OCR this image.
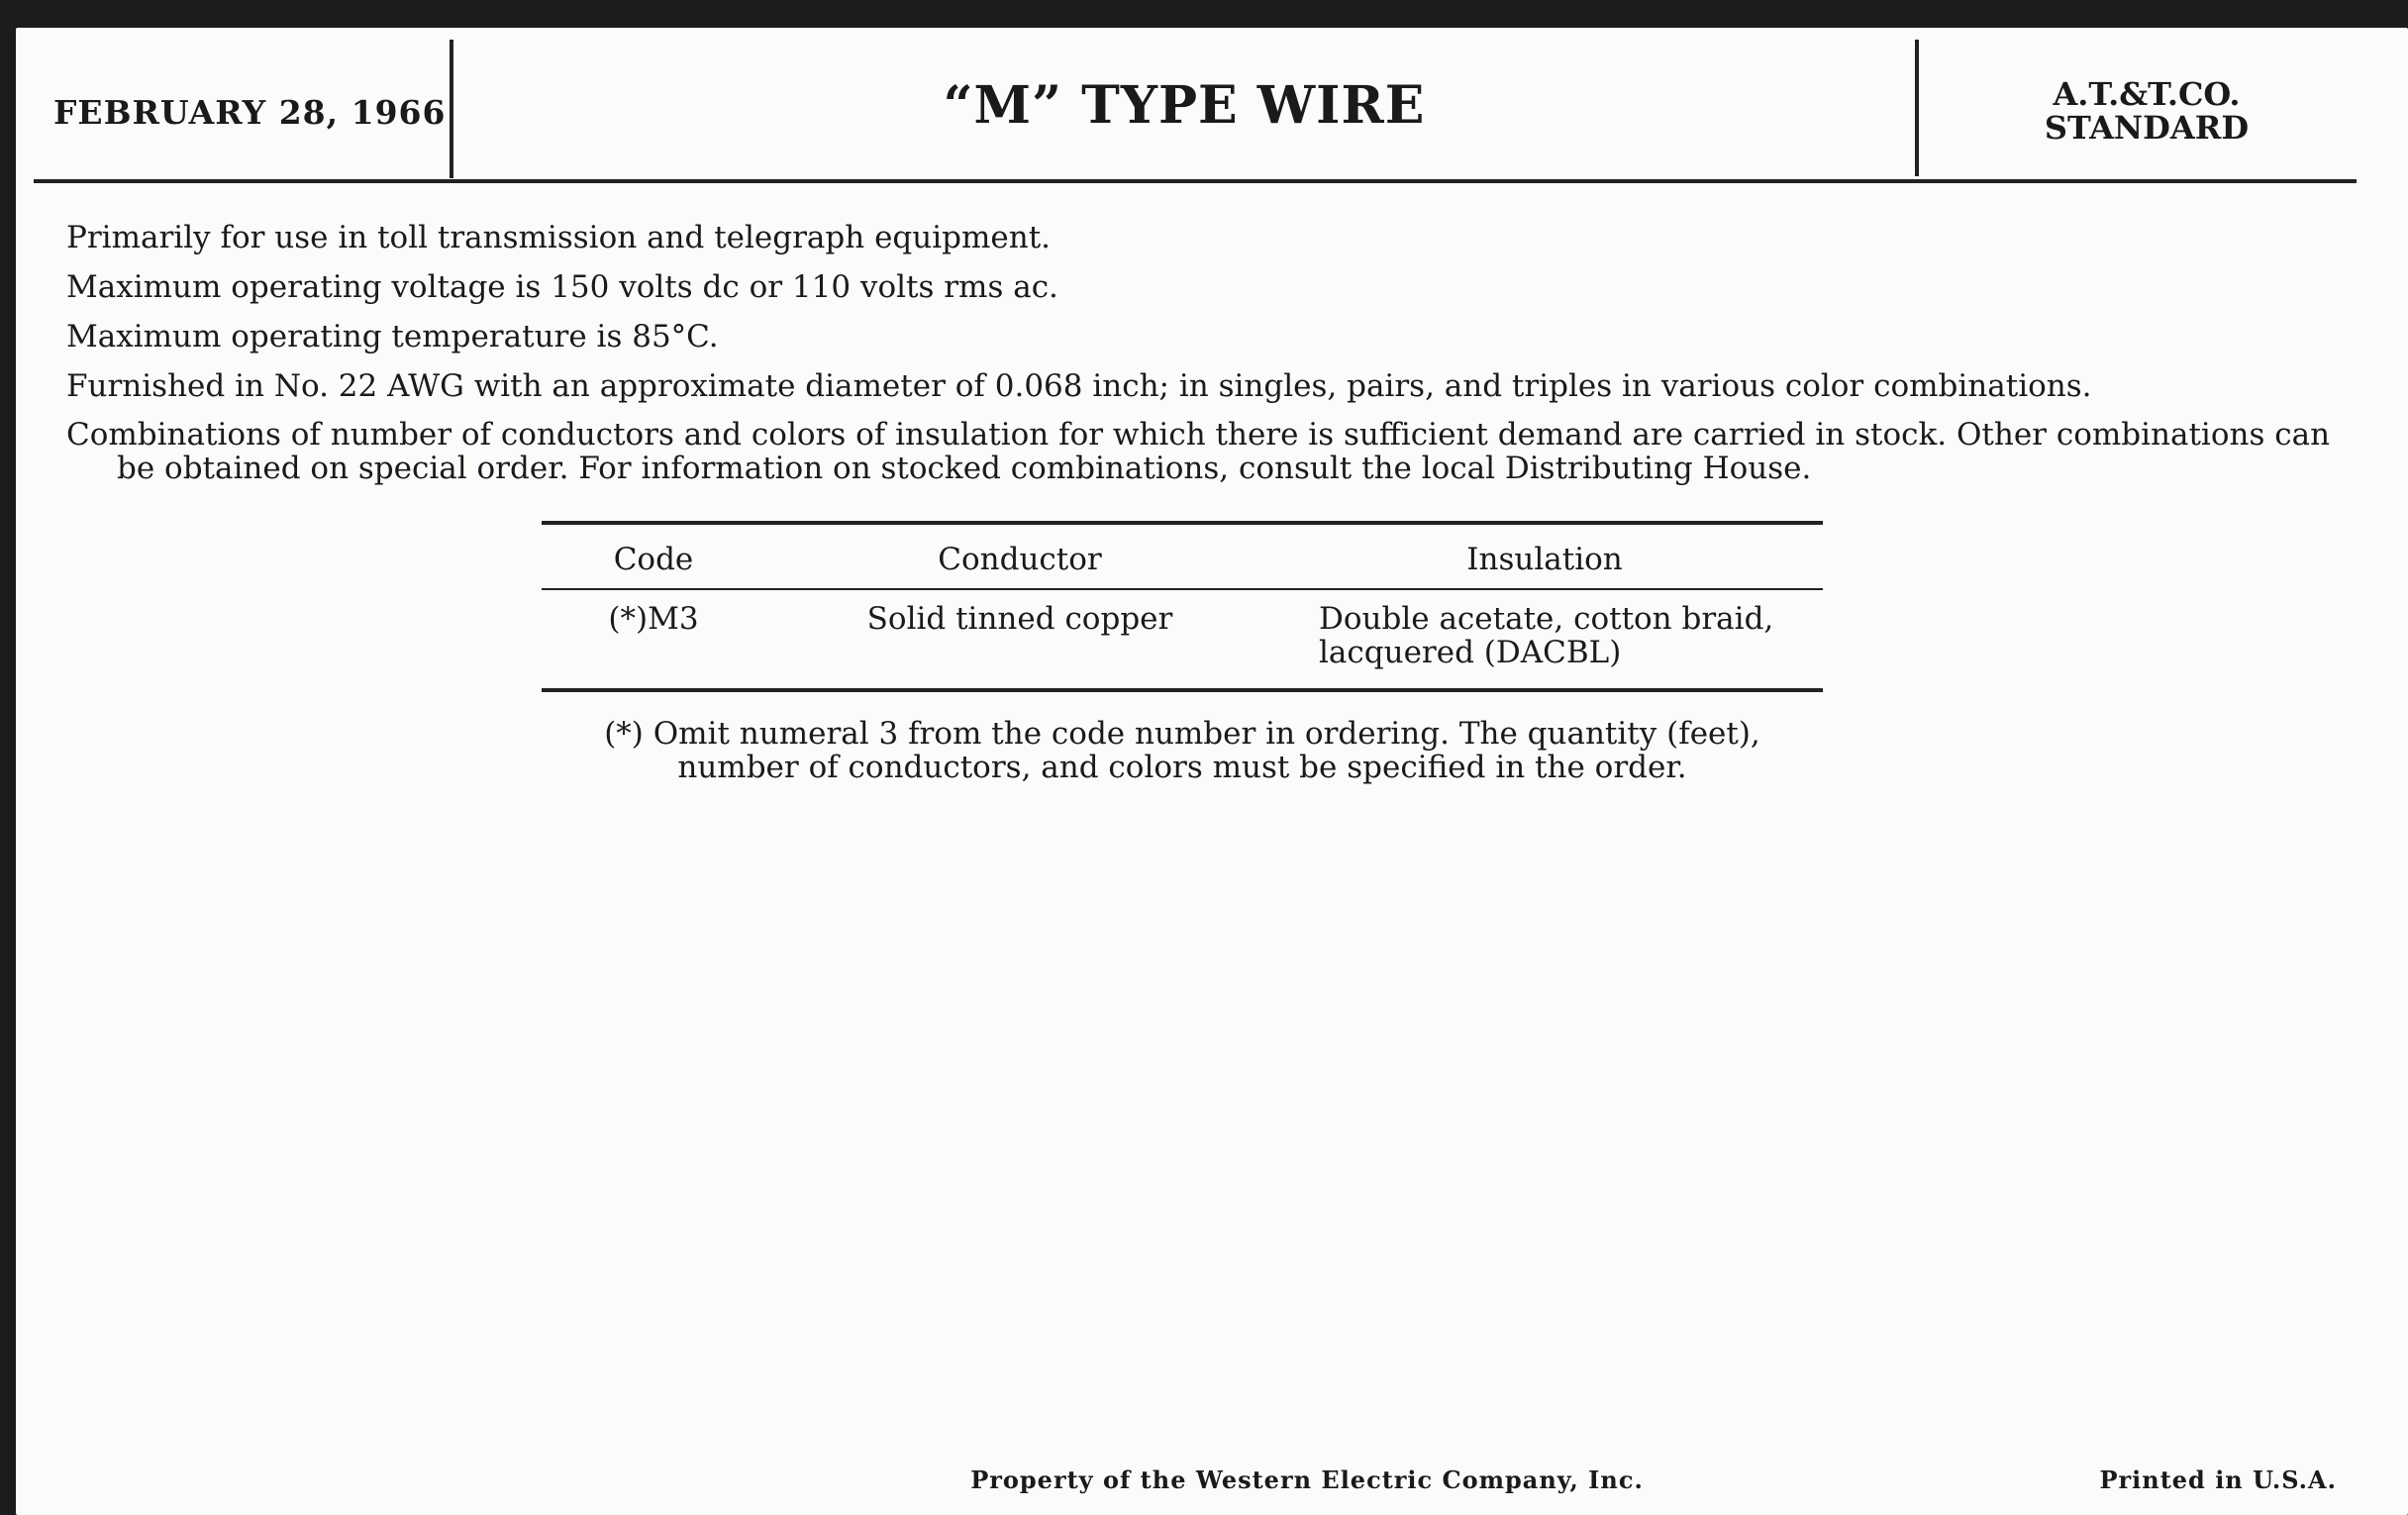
FEBRUARY 28, 1966	“M” TYPE WIRE	A.T.&T.CO.
STANDARD

Primarily for use in toll transmission and telegraph equipment.

Maximum operating voltage is 150 volts dc or 110 volts rms ac.

Maximum operating temperature is 85°C.

Furnished in No. 22 AWG with an approximate diameter of 0.068 inch; in singles, pairs, and triples in various color combinations.

Combinations of number of conductors and colors of insulation for which there is sufficient demand are carried in stock. Other combinations can be obtained on special order. For information on stocked combinations, consult the local Distributing House.

Code	Conductor	Insulation
(*)M3	Solid tinned copper	Double acetate, cotton braid,
lacquered (DACBL)
(*) Omit numeral 3 from the code number in ordering. The quantity (feet),
number of conductors, and colors must be specified in the order.
Property of the Western Electric Company, Inc.	Printed in U.S.A.
